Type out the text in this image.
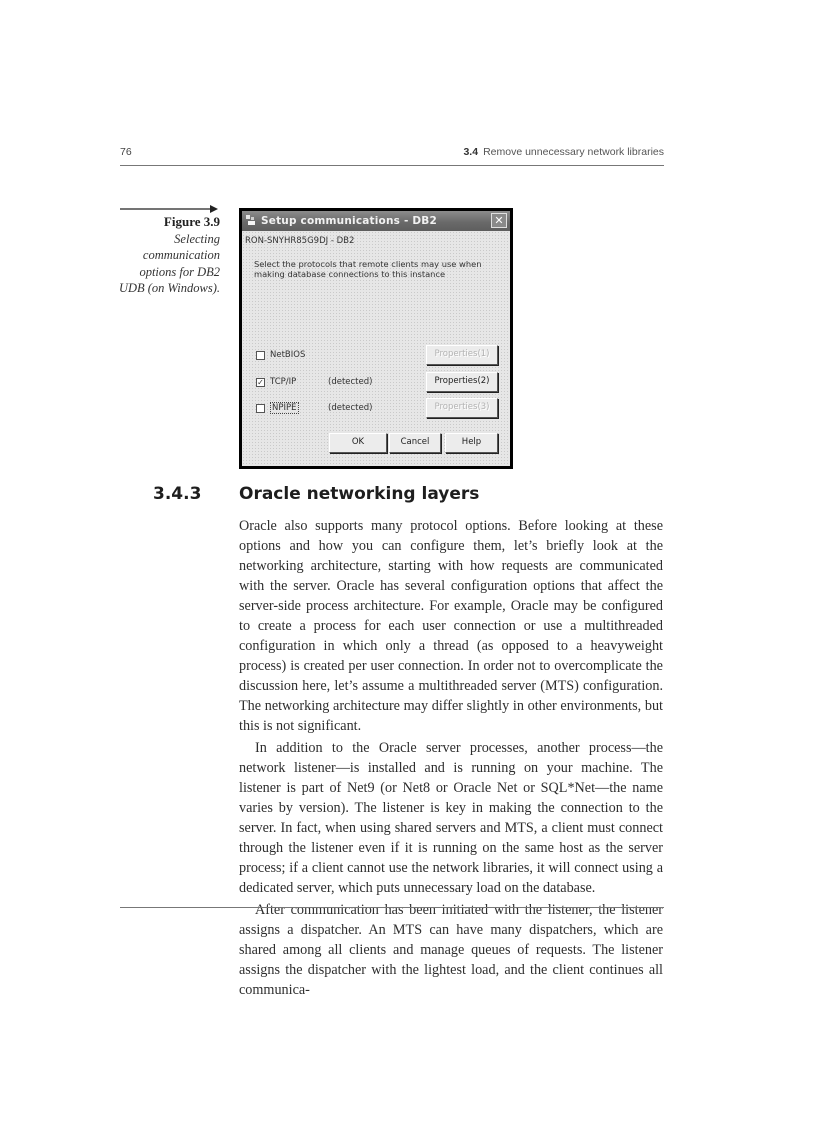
76	3.4 Remove unnecessary network libraries
Figure 3.9
Selecting communication options for DB2 UDB (on Windows).
Setup communications - DB2	✕
RON-SNYHR85G9DJ - DB2
Select the protocols that remote clients may use when making database connections to this instance
NetBIOS	Properties(1)
✓ TCP/IP	(detected)	Properties(2)
NPIPE	(detected)	Properties(3)
OK	Cancel	Help
3.4.3 Oracle networking layers

Oracle also supports many protocol options. Before looking at these options and how you can configure them, let’s briefly look at the networking architecture, starting with how requests are communicated with the server. Oracle has several configuration options that affect the server-side process architecture. For example, Oracle may be configured to create a process for each user connection or use a multithreaded configuration in which only a thread (as opposed to a heavyweight process) is created per user connection. In order not to overcomplicate the discussion here, let’s assume a multithreaded server (MTS) configuration. The networking architecture may differ slightly in other environments, but this is not significant.

In addition to the Oracle server processes, another process—the network listener—is installed and is running on your machine. The listener is part of Net9 (or Net8 or Oracle Net or SQL*Net—the name varies by version). The listener is key in making the connection to the server. In fact, when using shared servers and MTS, a client must connect through the listener even if it is running on the same host as the server process; if a client cannot use the network libraries, it will connect using a dedicated server, which puts unnecessary load on the database.

After communication has been initiated with the listener, the listener assigns a dispatcher. An MTS can have many dispatchers, which are shared among all clients and manage queues of requests. The listener assigns the dispatcher with the lightest load, and the client continues all communica-
